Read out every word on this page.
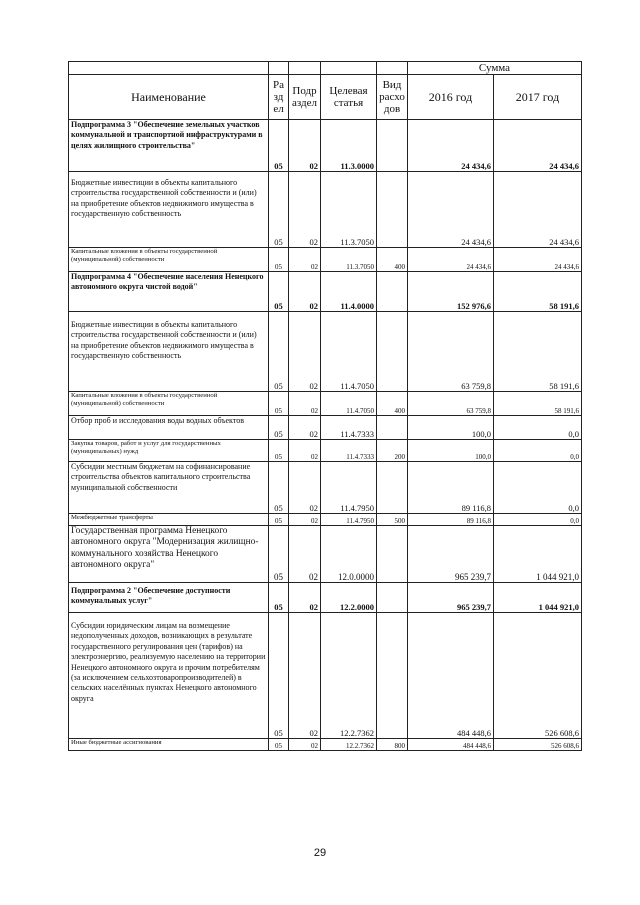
					Сумма	
Наименование	Разд ел	Подр аздел	Целевая статья	Вид расхо дов	2016 год	2017 год
Подпрограмма 3 "Обеспечение земельных участков коммунальной и транспортной инфраструктурами в целях жилищного строительства"	05	02	11.3.0000		24 434,6	24 434,6
Бюджетные инвестиции в объекты капитального строительства государственной собственности и (или) на приобретение объектов недвижимого имущества в государственную собственность	05	02	11.3.7050		24 434,6	24 434,6
Капитальные вложения в объекты государственной (муниципальной) собственности	05	02	11.3.7050	400	24 434,6	24 434,6
Подпрограмма 4 "Обеспечение населения Ненецкого автономного округа чистой водой"	05	02	11.4.0000		152 976,6	58 191,6
Бюджетные инвестиции в объекты капитального строительства государственной собственности и (или) на приобретение объектов недвижимого имущества в государственную собственность	05	02	11.4.7050		63 759,8	58 191,6
Капитальные вложения в объекты государственной (муниципальной) собственности	05	02	11.4.7050	400	63 759,8	58 191,6
Отбор проб и исследования воды водных объектов	05	02	11.4.7333		100,0	0,0
Закупка товаров, работ и услуг для государственных (муниципальных) нужд	05	02	11.4.7333	200	100,0	0,0
Субсидии местным бюджетам на софинансирование строительства объектов капитального строительства муниципальной собственности	05	02	11.4.7950		89 116,8	0,0
Межбюджетные трансферты	05	02	11.4.7950	500	89 116,8	0,0
Государственная программа Ненецкого автономного округа "Модернизация жилищно-коммунального хозяйства Ненецкого автономного округа"	05	02	12.0.0000		965 239,7	1 044 921,0
Подпрограмма 2 "Обеспечение доступности коммунальных услуг"	05	02	12.2.0000		965 239,7	1 044 921,0
Субсидии юридическим лицам на возмещение недополученных доходов, возникающих в результате государственного регулирования цен (тарифов) на электроэнергию, реализуемую населению на территории Ненецкого автономного округа и прочим потребителям (за исключением сельхозтоваропроизводителей) в сельских населённых пунктах Ненецкого автономного округа	05	02	12.2.7362		484 448,6	526 608,6
Иные бюджетные ассигнования	05	02	12.2.7362	800	484 448,6	526 608,6
29
